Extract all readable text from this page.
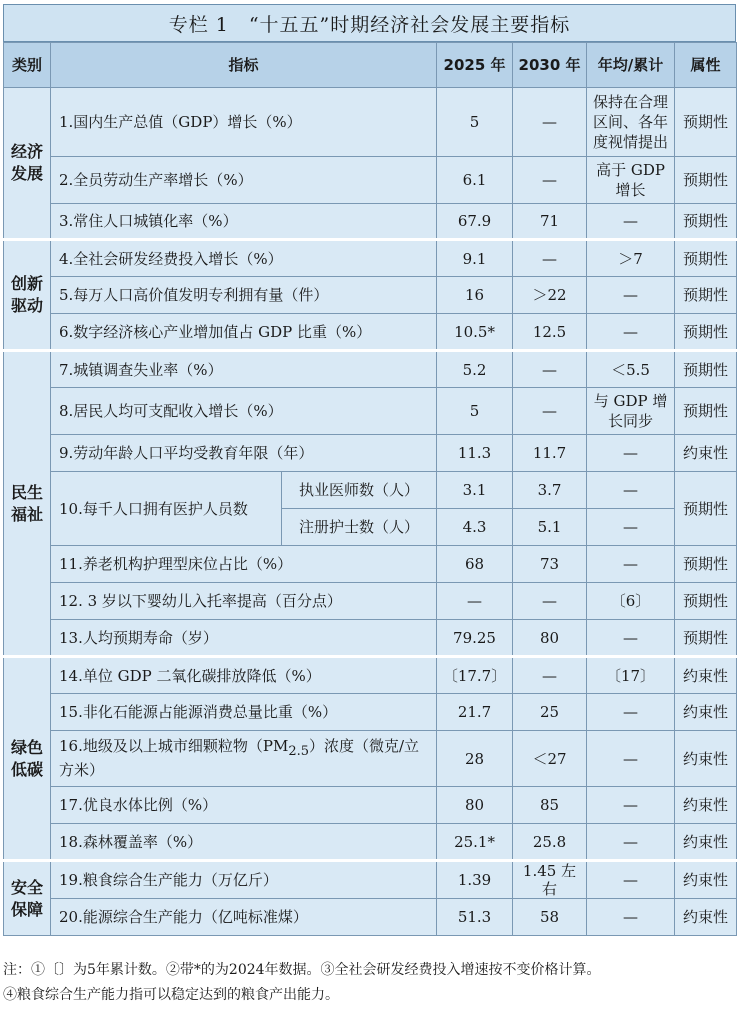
专栏 1　“十五五”时期经济社会发展主要指标
类别	指标		2025 年	2030 年	年均/累计	属性
经济发展	1.国内生产总值（GDP）增长（%）		5	—	保持在合理区间、各年度视情提出	预期性
	2.全员劳动生产率增长（%）		6.1	—	高于 GDP 增长	预期性
	3.常住人口城镇化率（%）		67.9	71	—	预期性
创新驱动	4.全社会研发经费投入增长（%）		9.1	—	＞7	预期性
	5.每万人口高价值发明专利拥有量（件）		16	＞22	—	预期性
	6.数字经济核心产业增加值占 GDP 比重（%）		10.5*	12.5	—	预期性
民生福祉	7.城镇调查失业率（%）		5.2	—	＜5.5	预期性
	8.居民人均可支配收入增长（%）		5	—	与 GDP 增长同步	预期性
	9.劳动年龄人口平均受教育年限（年）		11.3	11.7	—	约束性
	10.每千人口拥有医护人员数	执业医师数（人）	3.1	3.7	—	预期性
		注册护士数（人）	4.3	5.1	—	
	11.养老机构护理型床位占比（%）		68	73	—	预期性
	12. 3 岁以下婴幼儿入托率提高（百分点）		—	—	〔6〕	预期性
	13.人均预期寿命（岁）		79.25	80	—	预期性
绿色低碳	14.单位 GDP 二氧化碳排放降低（%）		〔17.7〕	—	〔17〕	约束性
	15.非化石能源占能源消费总量比重（%）		21.7	25	—	约束性
	16.地级及以上城市细颗粒物$(PM_{2.5})$浓度（微克/立方米）		28	＜27	—	约束性
	17.优良水体比例（%）		80	85	—	约束性
	18.森林覆盖率（%）		25.1*	25.8	—	约束性
安全保障	19.粮食综合生产能力（万亿斤）		1.39	1.45 左右	—	约束性
	20.能源综合生产能力（亿吨标准煤）		51.3	58	—	约束性
注：①〔〕为5年累计数。②带*的为2024年数据。③全社会研发经费投入增速按不变价格计算。
④粮食综合生产能力指可以稳定达到的粮食产出能力。
